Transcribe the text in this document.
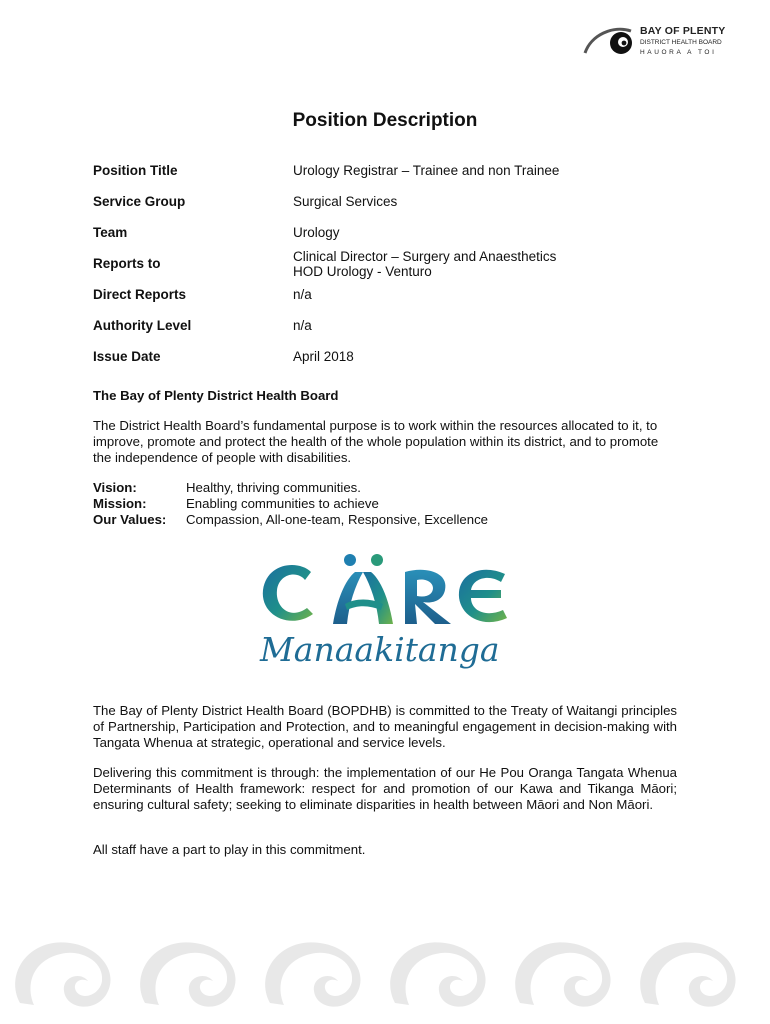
BAY OF PLENTY
DISTRICT HEALTH BOARD
HAUORA A TOI
Position Description
Position Title	Urology Registrar – Trainee and non Trainee
Service Group	Surgical Services
Team	Urology
Reports to	Clinical Director – Surgery and Anaesthetics
HOD Urology - Venturo
Direct Reports	n/a
Authority Level	n/a
Issue Date	April 2018
The Bay of Plenty District Health Board
The District Health Board’s fundamental purpose is to work within the resources allocated to it, to improve, promote and protect the health of the whole population within its district, and to promote the independence of people with disabilities.
Vision:	Healthy, thriving communities.
Mission:	Enabling communities to achieve
Our Values: Compassion, All-one-team, Responsive, Excellence
Manaakitanga
The Bay of Plenty District Health Board (BOPDHB) is committed to the Treaty of Waitangi principles of Partnership, Participation and Protection, and to meaningful engagement in decision-making with Tangata Whenua at strategic, operational and service levels.
Delivering this commitment is through: the implementation of our He Pou Oranga Tangata Whenua Determinants of Health framework: respect for and promotion of our Kawa and Tikanga Māori; ensuring cultural safety; seeking to eliminate disparities in health between Māori and Non Māori.
All staff have a part to play in this commitment.
